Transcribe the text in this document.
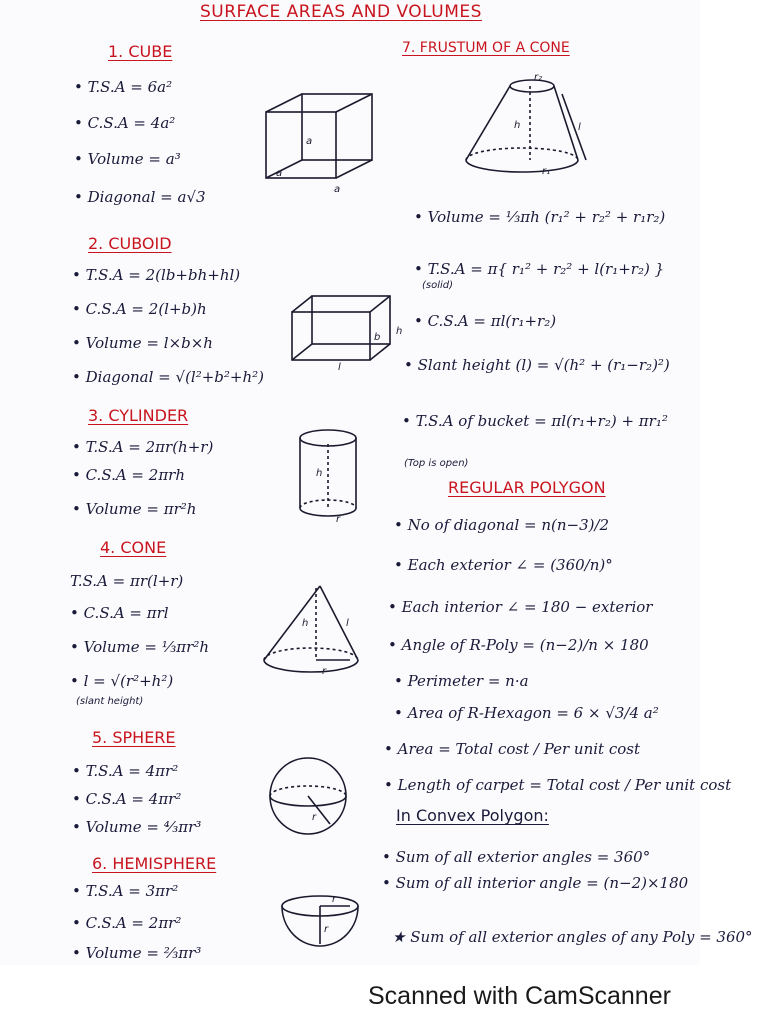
SURFACE AREAS AND VOLUMES
1. CUBE
• T.S.A = 6a²
• C.S.A = 4a²
• Volume = a³
• Diagonal = a√3
a
a
a
2. CUBOID
• T.S.A = 2(lb+bh+hl)
• C.S.A = 2(l+b)h
• Volume = l×b×h
• Diagonal = √(l²+b²+h²)
b
h
l
3. CYLINDER
• T.S.A = 2πr(h+r)
• C.S.A = 2πrh
• Volume = πr²h
h
r
4. CONE
T.S.A = πr(l+r)
• C.S.A = πrl
• Volume = ⅓πr²h
• l = √(r²+h²)
(slant height)
h	l
r
5. SPHERE
• T.S.A = 4πr²
• C.S.A = 4πr²
• Volume = ⁴⁄₃πr³
r
6. HEMISPHERE
• T.S.A = 3πr²
• C.S.A = 2πr²
• Volume = ⅔πr³
r
r
7. FRUSTUM OF A CONE
r₂
h	l
r₁
• Volume = ⅓πh (r₁² + r₂² + r₁r₂)
• T.S.A = π{ r₁² + r₂² + l(r₁+r₂) }
(solid)
• C.S.A = πl(r₁+r₂)
• Slant height (l) = √(h² + (r₁−r₂)²)
• T.S.A of bucket = πl(r₁+r₂) + πr₁²
(Top is open)
REGULAR POLYGON
• No of diagonal = n(n−3)/2
• Each exterior ∠ = (360/n)°
• Each interior ∠ = 180 − exterior
• Angle of R-Poly = (n−2)/n × 180
• Perimeter = n·a
• Area of R-Hexagon = 6 × √3/4 a²
• Area = Total cost / Per unit cost
• Length of carpet = Total cost / Per unit cost
In Convex Polygon:
• Sum of all exterior angles = 360°
• Sum of all interior angle = (n−2)×180
★ Sum of all exterior angles of any Poly = 360°
Scanned with CamScanner
